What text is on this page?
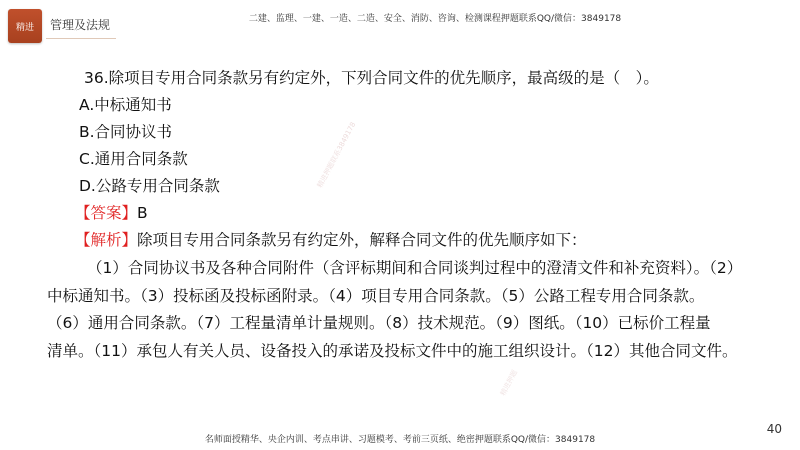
精进 管理及法规	二建、监理、一建、一造、二造、安全、消防、咨询、检测课程押题联系QQ/微信：3849178
36.除项目专用合同条款另有约定外，下列合同文件的优先顺序，最高级的是（　）。
A.中标通知书
B.合同协议书
C.通用合同条款
D.公路专用合同条款
【答案】B
【解析】除项目专用合同条款另有约定外，解释合同文件的优先顺序如下：
（1）合同协议书及各种合同附件（含评标期间和合同谈判过程中的澄清文件和补充资料）。（2）
中标通知书。（3）投标函及投标函附录。（4）项目专用合同条款。（5）公路工程专用合同条款。
（6）通用合同条款。（7）工程量清单计量规则。（8）技术规范。（9）图纸。（10）已标价工程量
清单。（11）承包人有关人员、设备投入的承诺及投标文件中的施工组织设计。（12）其他合同文件。
精进押题联系3849178
精进押题
40
名师面授精华、央企内训、考点串讲、习题模考、考前三页纸、绝密押题联系QQ/微信：3849178
